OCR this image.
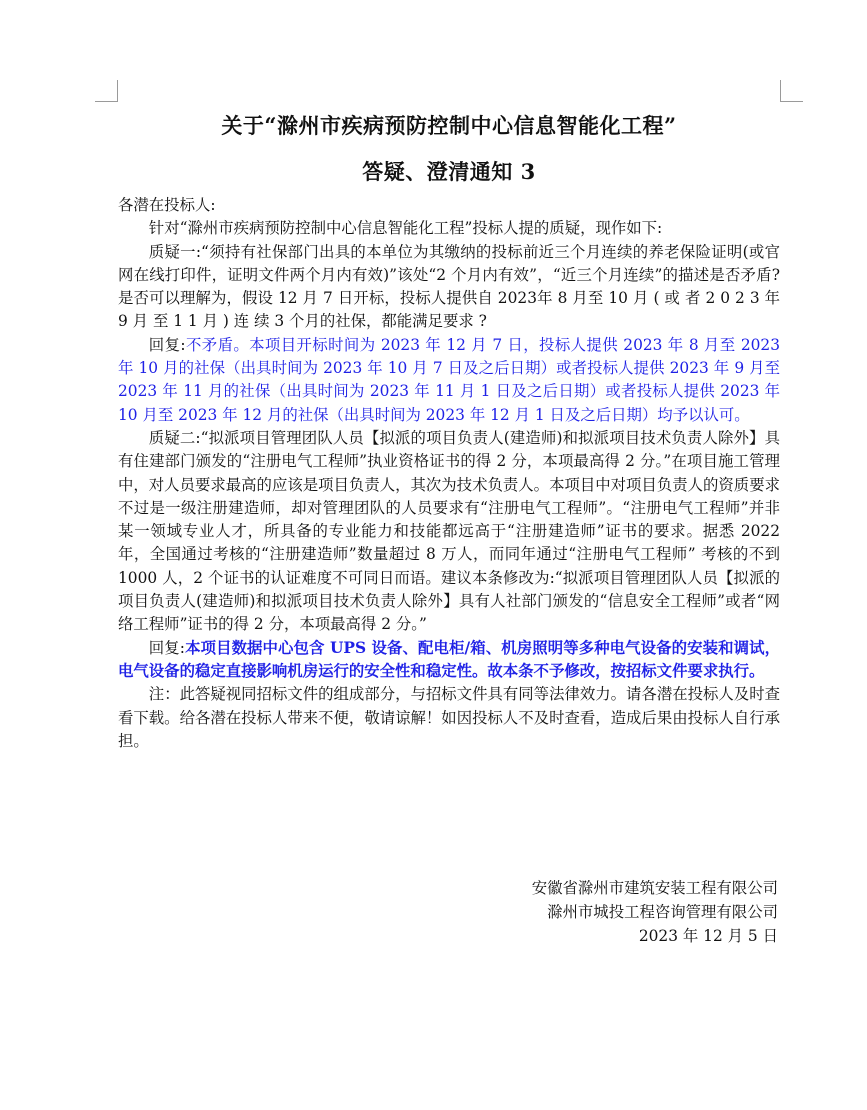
关于“滁州市疾病预防控制中心信息智能化工程”
答疑、澄清通知 3

各潜在投标人:

针对“滁州市疾病预防控制中心信息智能化工程”投标人提的质疑，现作如下:

质疑一:“须持有社保部门出具的本单位为其缴纳的投标前近三个月连续的养老保险证明(或官网在线打印件，证明文件两个月内有效)”该处“2 个月内有效”，“近三个月连续”的描述是否矛盾?是否可以理解为，假设 12 月 7 日开标，投标人提供自 2023年 8 月至 10 月 ( 或 者 2 0 2 3 年 9 月 至 1 1 月 ) 连 续 3 个月的社保，都能满足要求 ?

回复:不矛盾。本项目开标时间为 2023 年 12 月 7 日，投标人提供 2023 年 8 月至 2023 年 10 月的社保（出具时间为 2023 年 10 月 7 日及之后日期）或者投标人提供 2023 年 9 月至 2023 年 11 月的社保（出具时间为 2023 年 11 月 1 日及之后日期）或者投标人提供 2023 年 10 月至 2023 年 12 月的社保（出具时间为 2023 年 12 月 1 日及之后日期）均予以认可。

质疑二:“拟派项目管理团队人员【拟派的项目负责人(建造师)和拟派项目技术负责人除外】具有住建部门颁发的“注册电气工程师”执业资格证书的得 2 分，本项最高得 2 分。”在项目施工管理中，对人员要求最高的应该是项目负责人，其次为技术负责人。本项目中对项目负责人的资质要求不过是一级注册建造师，却对管理团队的人员要求有“注册电气工程师”。“注册电气工程师”并非某一领域专业人才，所具备的专业能力和技能都远高于“注册建造师”证书的要求。据悉 2022 年，全国通过考核的“注册建造师”数量超过 8 万人，而同年通过“注册电气工程师” 考核的不到 1000 人，2 个证书的认证难度不可同日而语。建议本条修改为:“拟派项目管理团队人员【拟派的项目负责人(建造师)和拟派项目技术负责人除外】具有人社部门颁发的“信息安全工程师”或者“网络工程师”证书的得 2 分，本项最高得 2 分。”

回复:本项目数据中心包含 UPS 设备、配电柜/箱、机房照明等多种电气设备的安装和调试，电气设备的稳定直接影响机房运行的安全性和稳定性。故本条不予修改，按招标文件要求执行。

注：此答疑视同招标文件的组成部分，与招标文件具有同等法律效力。请各潜在投标人及时查看下载。给各潜在投标人带来不便，敬请谅解！如因投标人不及时查看，造成后果由投标人自行承担。

安徽省滁州市建筑安装工程有限公司
滁州市城投工程咨询管理有限公司
2023 年 12 月 5 日
